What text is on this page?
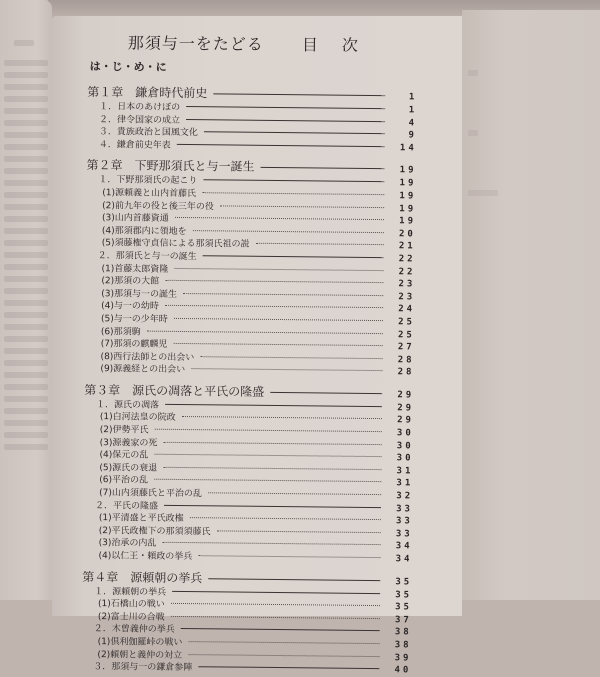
那須与一をたどる 目次
は・じ・め・に
第１章　鎌倉時代前史	1
１．日本のあけぼの	1
２．律令国家の成立	4
３．貴族政治と国風文化	9
４．鎌倉前史年表	14
第２章　下野那須氏と与一誕生	19
１．下野那須氏の起こり	19
(1)源頼義と山内首藤氏	19
(2)前九年の役と後三年の役	19
(3)山内首藤資通	19
(4)那須郡内に領地を	20
(5)須藤権守貞信による那須氏祖の説	21
２．那須氏と与一の誕生	22
(1)首藤太郎資隆	22
(2)那須の大館	23
(3)那須与一の誕生	23
(4)与一の幼時	24
(5)与一の少年時	25
(6)那須駒	25
(7)那須の麒麟児	27
(8)西行法師との出会い	28
(9)源義経との出会い	28
第３章　源氏の凋落と平氏の隆盛	29
１．源氏の凋落	29
(1)白河法皇の院政	29
(2)伊勢平氏	30
(3)源義家の死	30
(4)保元の乱	30
(5)源氏の衰退	31
(6)平治の乱	31
(7)山内須藤氏と平治の乱	32
２．平氏の隆盛	33
(1)平清盛と平氏政権	33
(2)平氏政権下の那須須藤氏	33
(3)治承の内乱	34
(4)以仁王・頼政の挙兵	34
第４章　源頼朝の挙兵	35
１．源頼朝の挙兵	35
(1)石橋山の戦い	35
(2)富士川の合戦	37
２．木曽義仲の挙兵	38
(1)倶利伽羅峠の戦い	38
(2)頼朝と義仲の対立	39
３．那須与一の鎌倉参陣	40
